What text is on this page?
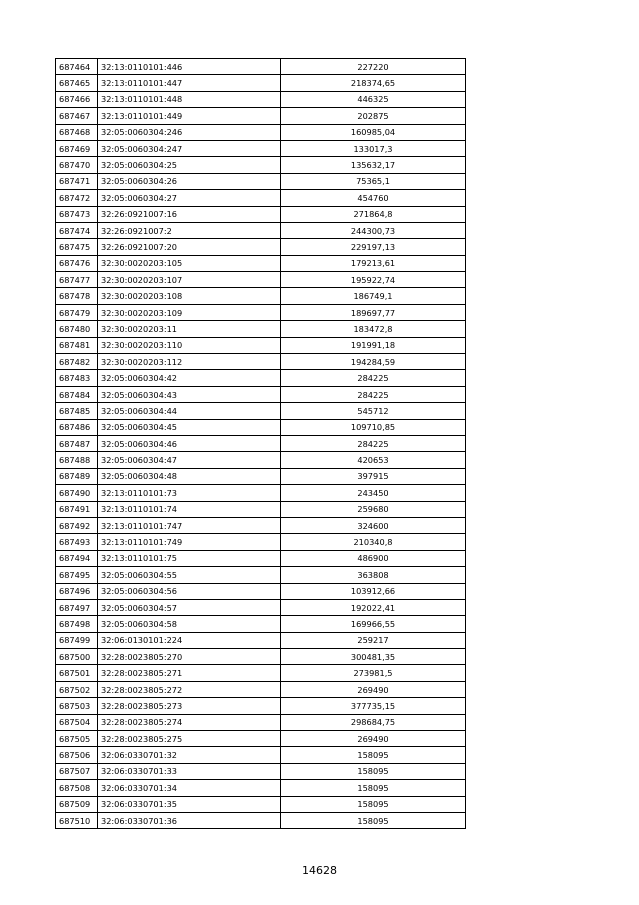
687464	32:13:0110101:446	227220
687465	32:13:0110101:447	218374,65
687466	32:13:0110101:448	446325
687467	32:13:0110101:449	202875
687468	32:05:0060304:246	160985,04
687469	32:05:0060304:247	133017,3
687470	32:05:0060304:25	135632,17
687471	32:05:0060304:26	75365,1
687472	32:05:0060304:27	454760
687473	32:26:0921007:16	271864,8
687474	32:26:0921007:2	244300,73
687475	32:26:0921007:20	229197,13
687476	32:30:0020203:105	179213,61
687477	32:30:0020203:107	195922,74
687478	32:30:0020203:108	186749,1
687479	32:30:0020203:109	189697,77
687480	32:30:0020203:11	183472,8
687481	32:30:0020203:110	191991,18
687482	32:30:0020203:112	194284,59
687483	32:05:0060304:42	284225
687484	32:05:0060304:43	284225
687485	32:05:0060304:44	545712
687486	32:05:0060304:45	109710,85
687487	32:05:0060304:46	284225
687488	32:05:0060304:47	420653
687489	32:05:0060304:48	397915
687490	32:13:0110101:73	243450
687491	32:13:0110101:74	259680
687492	32:13:0110101:747	324600
687493	32:13:0110101:749	210340,8
687494	32:13:0110101:75	486900
687495	32:05:0060304:55	363808
687496	32:05:0060304:56	103912,66
687497	32:05:0060304:57	192022,41
687498	32:05:0060304:58	169966,55
687499	32:06:0130101:224	259217
687500	32:28:0023805:270	300481,35
687501	32:28:0023805:271	273981,5
687502	32:28:0023805:272	269490
687503	32:28:0023805:273	377735,15
687504	32:28:0023805:274	298684,75
687505	32:28:0023805:275	269490
687506	32:06:0330701:32	158095
687507	32:06:0330701:33	158095
687508	32:06:0330701:34	158095
687509	32:06:0330701:35	158095
687510	32:06:0330701:36	158095
14628
